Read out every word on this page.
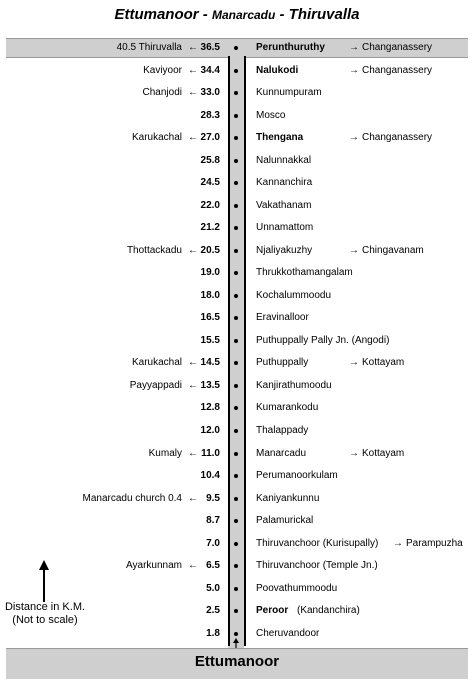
Ettumanoor - Manarcadu - Thiruvalla
40.5 Thiruvalla ← 36.5	Perunthuruthy → Changanassery
Kaviyoor ← 34.4	Nalukodi	→ Changanassery
Chanjodi ← 33.0	Kunnumpuram
28.3	Mosco
Karukachal ← 27.0	Thengana	→ Changanassery
25.8	Nalunnakkal
24.5	Kannanchira
22.0	Vakathanam
21.2	Unnamattom
Thottackadu ← 20.5	Njaliyakuzhy	→ Chingavanam
19.0	Thrukkothamangalam
18.0	Kochalummoodu
16.5	Eravinalloor
15.5	Puthuppally Pally Jn. (Angodi)
Karukachal ← 14.5	Puthuppally	→ Kottayam
Payyappadi ← 13.5	Kanjirathumoodu
12.8	Kumarankodu
12.0	Thalappady
Kumaly ← 11.0	Manarcadu	→ Kottayam
10.4	Perumanoorkulam
Manarcadu church 0.4 ← 9.5	Kaniyankunnu
8.7	Palamurickal
7.0	Thiruvanchoor (Kurisupally) → Parampuzha
Ayarkunnam ← 6.5	Thiruvanchoor (Temple Jn.)
5.0	Poovathummoodu
2.5	Peroor (Kandanchira)
1.8	Cheruvandoor
Ettumanoor
Distance in K.M.
(Not to scale)
